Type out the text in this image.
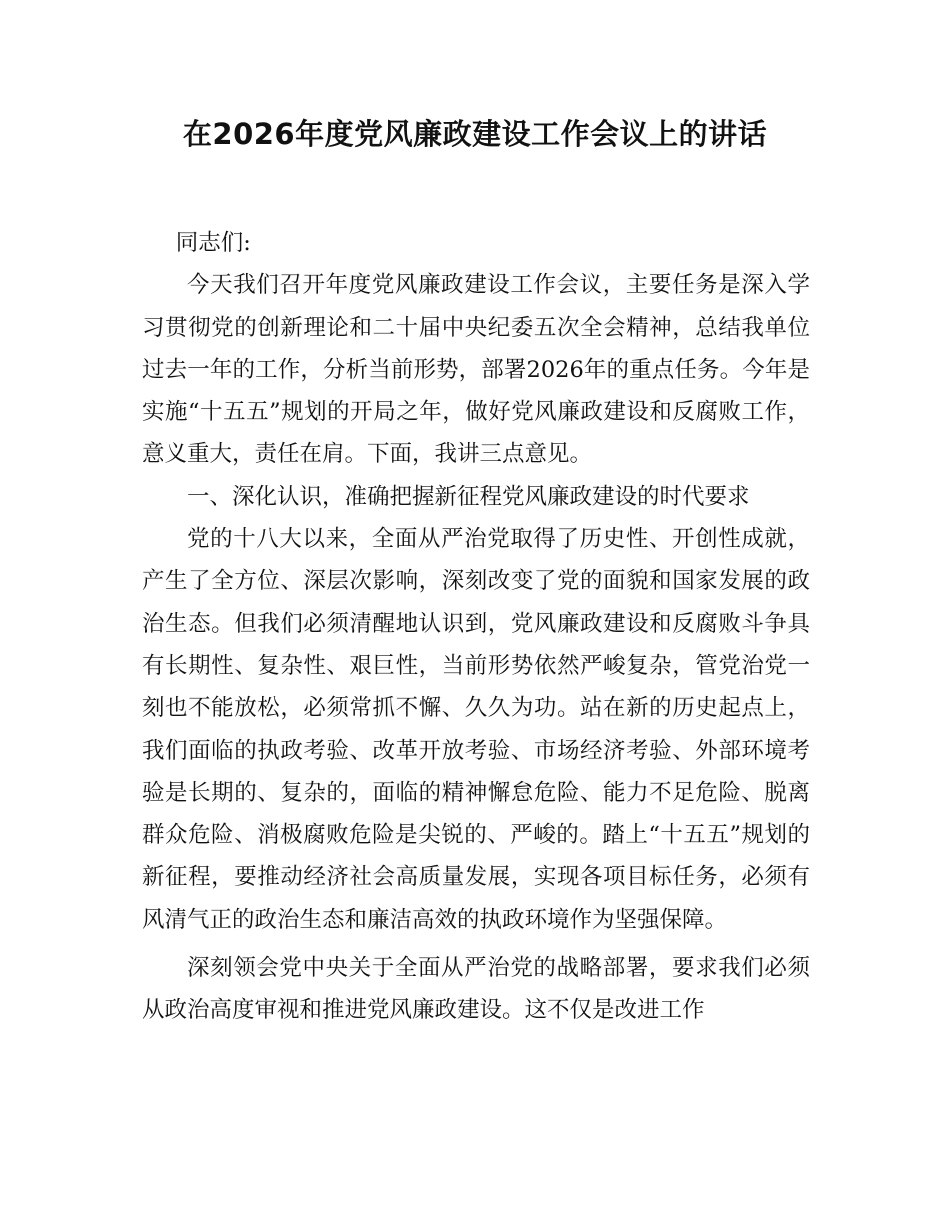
在2026年度党风廉政建设工作会议上的讲话

同志们:

今天我们召开年度党风廉政建设工作会议，主要任务是深入学习贯彻党的创新理论和二十届中央纪委五次全会精神，总结我单位过去一年的工作，分析当前形势，部署2026年的重点任务。今年是实施“十五五”规划的开局之年，做好党风廉政建设和反腐败工作，意义重大，责任在肩。下面，我讲三点意见。

一、深化认识，准确把握新征程党风廉政建设的时代要求

党的十八大以来，全面从严治党取得了历史性、开创性成就，产生了全方位、深层次影响，深刻改变了党的面貌和国家发展的政治生态。但我们必须清醒地认识到，党风廉政建设和反腐败斗争具有长期性、复杂性、艰巨性，当前形势依然严峻复杂，管党治党一刻也不能放松，必须常抓不懈、久久为功。站在新的历史起点上，我们面临的执政考验、改革开放考验、市场经济考验、外部环境考验是长期的、复杂的，面临的精神懈怠危险、能力不足危险、脱离群众危险、消极腐败危险是尖锐的、严峻的。踏上“十五五”规划的新征程，要推动经济社会高质量发展，实现各项目标任务，必须有风清气正的政治生态和廉洁高效的执政环境作为坚强保障。

深刻领会党中央关于全面从严治党的战略部署，要求我们必须从政治高度审视和推进党风廉政建设。这不仅是改进工作
